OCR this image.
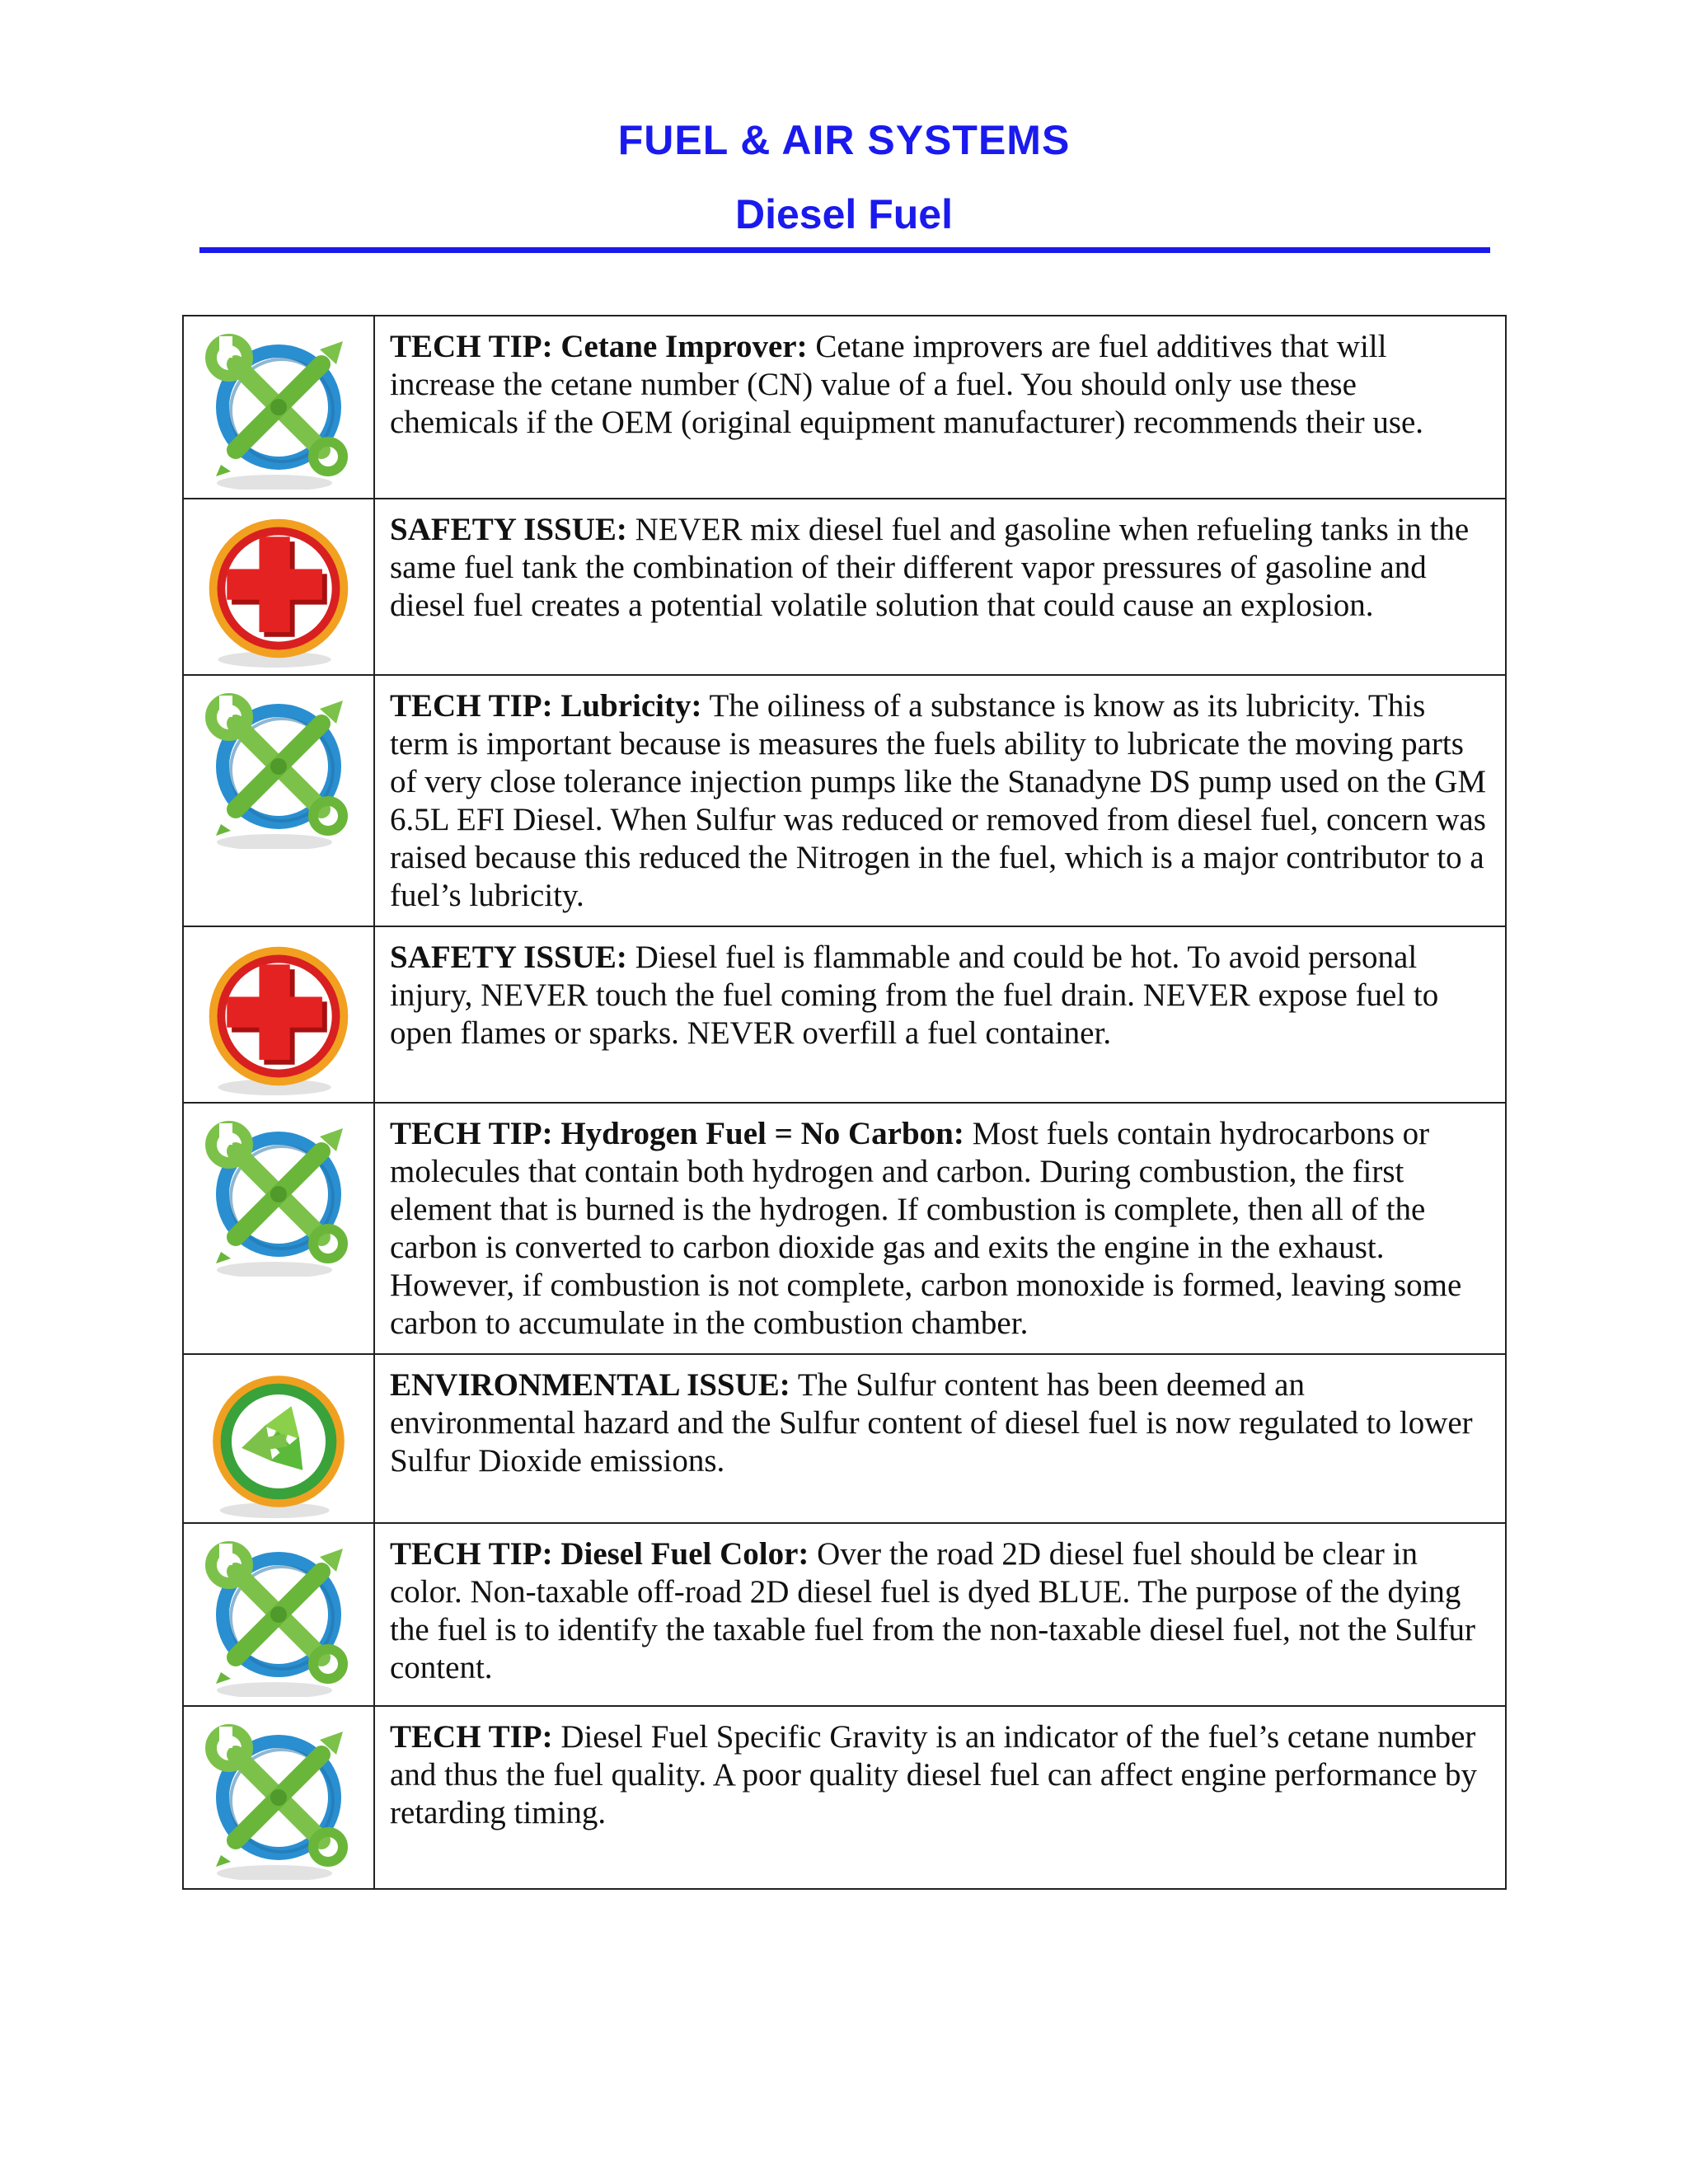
FUEL & AIR SYSTEMS
Diesel Fuel
	TECH TIP: Cetane Improver: Cetane improvers are fuel additives that will increase the cetane number (CN) value of a fuel. You should only use these chemicals if the OEM (original equipment manufacturer) recommends their use.

	SAFETY ISSUE: NEVER mix diesel fuel and gasoline when refueling tanks in the same fuel tank the combination of their different vapor pressures of gasoline and diesel fuel creates a potential volatile solution that could cause an explosion.

	TECH TIP: Lubricity: The oiliness of a substance is know as its lubricity. This term is important because is measures the fuels ability to lubricate the moving parts of very close tolerance injection pumps like the Stanadyne DS pump used on the GM 6.5L EFI Diesel. When Sulfur was reduced or removed from diesel fuel, concern was raised because this reduced the Nitrogen in the fuel, which is a major contributor to a fuel’s lubricity.

	SAFETY ISSUE: Diesel fuel is flammable and could be hot. To avoid personal injury, NEVER touch the fuel coming from the fuel drain. NEVER expose fuel to open flames or sparks. NEVER overfill a fuel container.

	TECH TIP: Hydrogen Fuel = No Carbon: Most fuels contain hydrocarbons or molecules that contain both hydrogen and carbon. During combustion, the first element that is burned is the hydrogen. If combustion is complete, then all of the carbon is converted to carbon dioxide gas and exits the engine in the exhaust. However, if combustion is not complete, carbon monoxide is formed, leaving some carbon to accumulate in the combustion chamber.

	ENVIRONMENTAL ISSUE: The Sulfur content has been deemed an environmental hazard and the Sulfur content of diesel fuel is now regulated to lower Sulfur Dioxide emissions.

	TECH TIP: Diesel Fuel Color: Over the road 2D diesel fuel should be clear in color. Non-taxable off-road 2D diesel fuel is dyed BLUE. The purpose of the dying the fuel is to identify the taxable fuel from the non-taxable diesel fuel, not the Sulfur content.

	TECH TIP: Diesel Fuel Specific Gravity is an indicator of the fuel’s cetane number and thus the fuel quality. A poor quality diesel fuel can affect engine performance by retarding timing.
